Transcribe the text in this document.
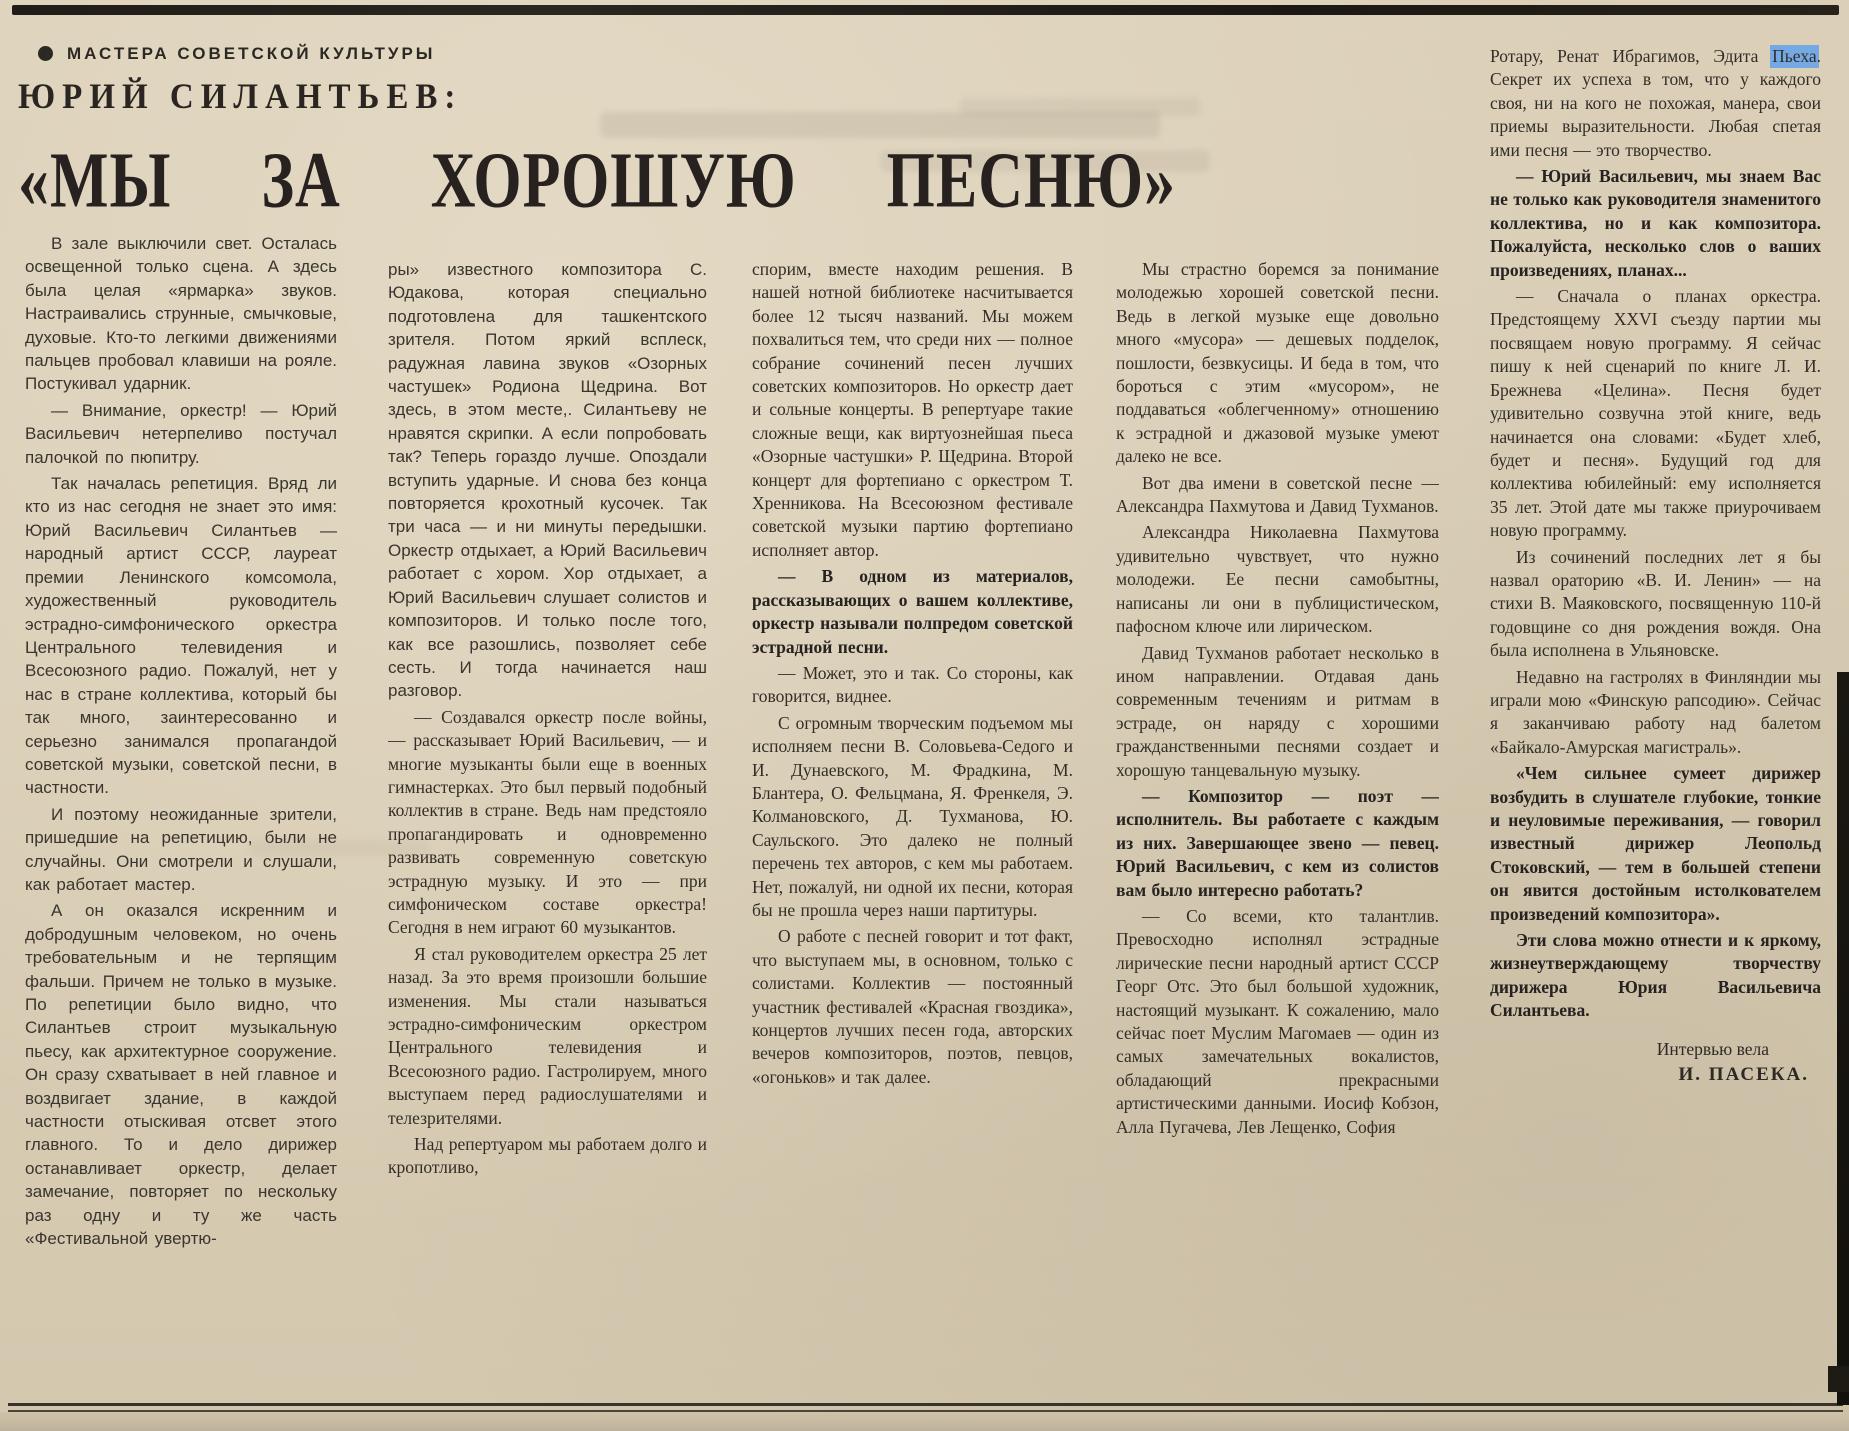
МАСТЕРА СОВЕТСКОЙ КУЛЬТУРЫ
ЮРИЙ СИЛАНТЬЕВ:
«МЫ ЗА ХОРОШУЮ ПЕСНЮ»

В зале выключили свет. Осталась освещенной только сцена. А здесь была целая «ярмарка» звуков. Настраивались струнные, смычковые, духовые. Кто-то легкими движениями пальцев пробовал клавиши на рояле. Постукивал ударник.

— Внимание, оркестр! — Юрий Васильевич нетерпеливо постучал палочкой по пюпитру.

Так началась репетиция. Вряд ли кто из нас сегодня не знает это имя: Юрий Васильевич Силантьев — народный артист СССР, лауреат премии Ленинского комсомола, художественный руководитель эстрадно-симфонического оркестра Центрального телевидения и Всесоюзного радио. Пожалуй, нет у нас в стране коллектива, который бы так много, заинтересованно и серьезно занимался пропагандой советской музыки, советской песни, в частности.

И поэтому неожиданные зрители, пришедшие на репетицию, были не случайны. Они смотрели и слушали, как работает мастер.

А он оказался искренним и добродушным человеком, но очень требовательным и не терпящим фальши. Причем не только в музыке. По репетиции было видно, что Силантьев строит музыкальную пьесу, как архитектурное сооружение. Он сразу схватывает в ней главное и воздвигает здание, в каждой частности отыскивая отсвет этого главного. То и дело дирижер останавливает оркестр, делает замечание, повторяет по нескольку раз одну и ту же часть «Фестивальной увертю-

ры» известного композитора С. Юдакова, которая специально подготовлена для ташкентского зрителя. Потом яркий всплеск, радужная лавина звуков «Озорных частушек» Родиона Щедрина. Вот здесь, в этом месте,. Силантьеву не нравятся скрипки. А если попробовать так? Теперь гораздо лучше. Опоздали вступить ударные. И снова без конца повторяется крохотный кусочек. Так три часа — и ни минуты передышки. Оркестр отдыхает, а Юрий Васильевич работает с хором. Хор отдыхает, а Юрий Васильевич слушает солистов и композиторов. И только после того, как все разошлись, позволяет себе сесть. И тогда начинается наш разговор.

— Создавался оркестр после войны, — рассказывает Юрий Васильевич, — и многие музыканты были еще в военных гимнастерках. Это был первый подобный коллектив в стране. Ведь нам предстояло пропагандировать и одновременно развивать современную советскую эстрадную музыку. И это — при симфоническом составе оркестра! Сегодня в нем играют 60 музыкантов.

Я стал руководителем оркестра 25 лет назад. За это время произошли большие изменения. Мы стали называться эстрадно-симфоническим оркестром Центрального телевидения и Всесоюзного радио. Гастролируем, много выступаем перед радиослушателями и телезрителями.

Над репертуаром мы работаем долго и кропотливо,

спорим, вместе находим решения. В нашей нотной библиотеке насчитывается более 12 тысяч названий. Мы можем похвалиться тем, что среди них — полное собрание сочинений песен лучших советских композиторов. Но оркестр дает и сольные концерты. В репертуаре такие сложные вещи, как виртуознейшая пьеса «Озорные частушки» Р. Щедрина. Второй концерт для фортепиано с оркестром Т. Хренникова. На Всесоюзном фестивале советской музыки партию фортепиано исполняет автор.

— В одном из материалов, рассказывающих о вашем коллективе, оркестр называли полпредом советской эстрадной песни.

— Может, это и так. Со стороны, как говорится, виднее.

С огромным творческим подъемом мы исполняем песни В. Соловьева-Седого и И. Дунаевского, М. Фрадкина, М. Блантера, О. Фельцмана, Я. Френкеля, Э. Колмановского, Д. Тухманова, Ю. Саульского. Это далеко не полный перечень тех авторов, с кем мы работаем. Нет, пожалуй, ни одной их песни, которая бы не прошла через наши партитуры.

О работе с песней говорит и тот факт, что выступаем мы, в основном, только с солистами. Коллектив — постоянный участник фестивалей «Красная гвоздика», концертов лучших песен года, авторских вечеров композиторов, поэтов, певцов, «огоньков» и так далее.

Мы страстно боремся за понимание молодежью хорошей советской песни. Ведь в легкой музыке еще довольно много «мусора» — дешевых подделок, пошлости, безвкусицы. И беда в том, что бороться с этим «мусором», не поддаваться «облегченному» отношению к эстрадной и джазовой музыке умеют далеко не все.

Вот два имени в советской песне — Александра Пахмутова и Давид Тухманов.

Александра Николаевна Пахмутова удивительно чувствует, что нужно молодежи. Ее песни самобытны, написаны ли они в публицистическом, пафосном ключе или лирическом.

Давид Тухманов работает несколько в ином направлении. Отдавая дань современным течениям и ритмам в эстраде, он наряду с хорошими гражданственными песнями создает и хорошую танцевальную музыку.

— Композитор — поэт — исполнитель. Вы работаете с каждым из них. Завершающее звено — певец. Юрий Васильевич, с кем из солистов вам было интересно работать?

— Со всеми, кто талантлив. Превосходно исполнял эстрадные лирические песни народный артист СССР Георг Отс. Это был большой художник, настоящий музыкант. К сожалению, мало сейчас поет Муслим Магомаев — один из самых замечательных вокалистов, обладающий прекрасными артистическими данными. Иосиф Кобзон, Алла Пугачева, Лев Лещенко, София

Ротару, Ренат Ибрагимов, Эдита Пьеха. Секрет их успеха в том, что у каждого своя, ни на кого не похожая, манера, свои приемы выразительности. Любая спетая ими песня — это творчество.

— Юрий Васильевич, мы знаем Вас не только как руководителя знаменитого коллектива, но и как композитора. Пожалуйста, несколько слов о ваших произведениях, планах...

— Сначала о планах оркестра. Предстоящему XXVI съезду партии мы посвящаем новую программу. Я сейчас пишу к ней сценарий по книге Л. И. Брежнева «Целина». Песня будет удивительно созвучна этой книге, ведь начинается она словами: «Будет хлеб, будет и песня». Будущий год для коллектива юбилейный: ему исполняется 35 лет. Этой дате мы также приурочиваем новую программу.

Из сочинений последних лет я бы назвал ораторию «В. И. Ленин» — на стихи В. Маяковского, посвященную 110-й годовщине со дня рождения вождя. Она была исполнена в Ульяновске.

Недавно на гастролях в Финляндии мы играли мою «Финскую рапсодию». Сейчас я заканчиваю работу над балетом «Байкало-Амурская магистраль».

«Чем сильнее сумеет дирижер возбудить в слушателе глубокие, тонкие и неуловимые переживания, — говорил известный дирижер Леопольд Стоковский, — тем в большей степени он явится достойным истолкователем произведений композитора».

Эти слова можно отнести и к яркому, жизнеутверждающему творчеству дирижера Юрия Васильевича Силантьева.

Интервью вела
И. ПАСЕКА.
